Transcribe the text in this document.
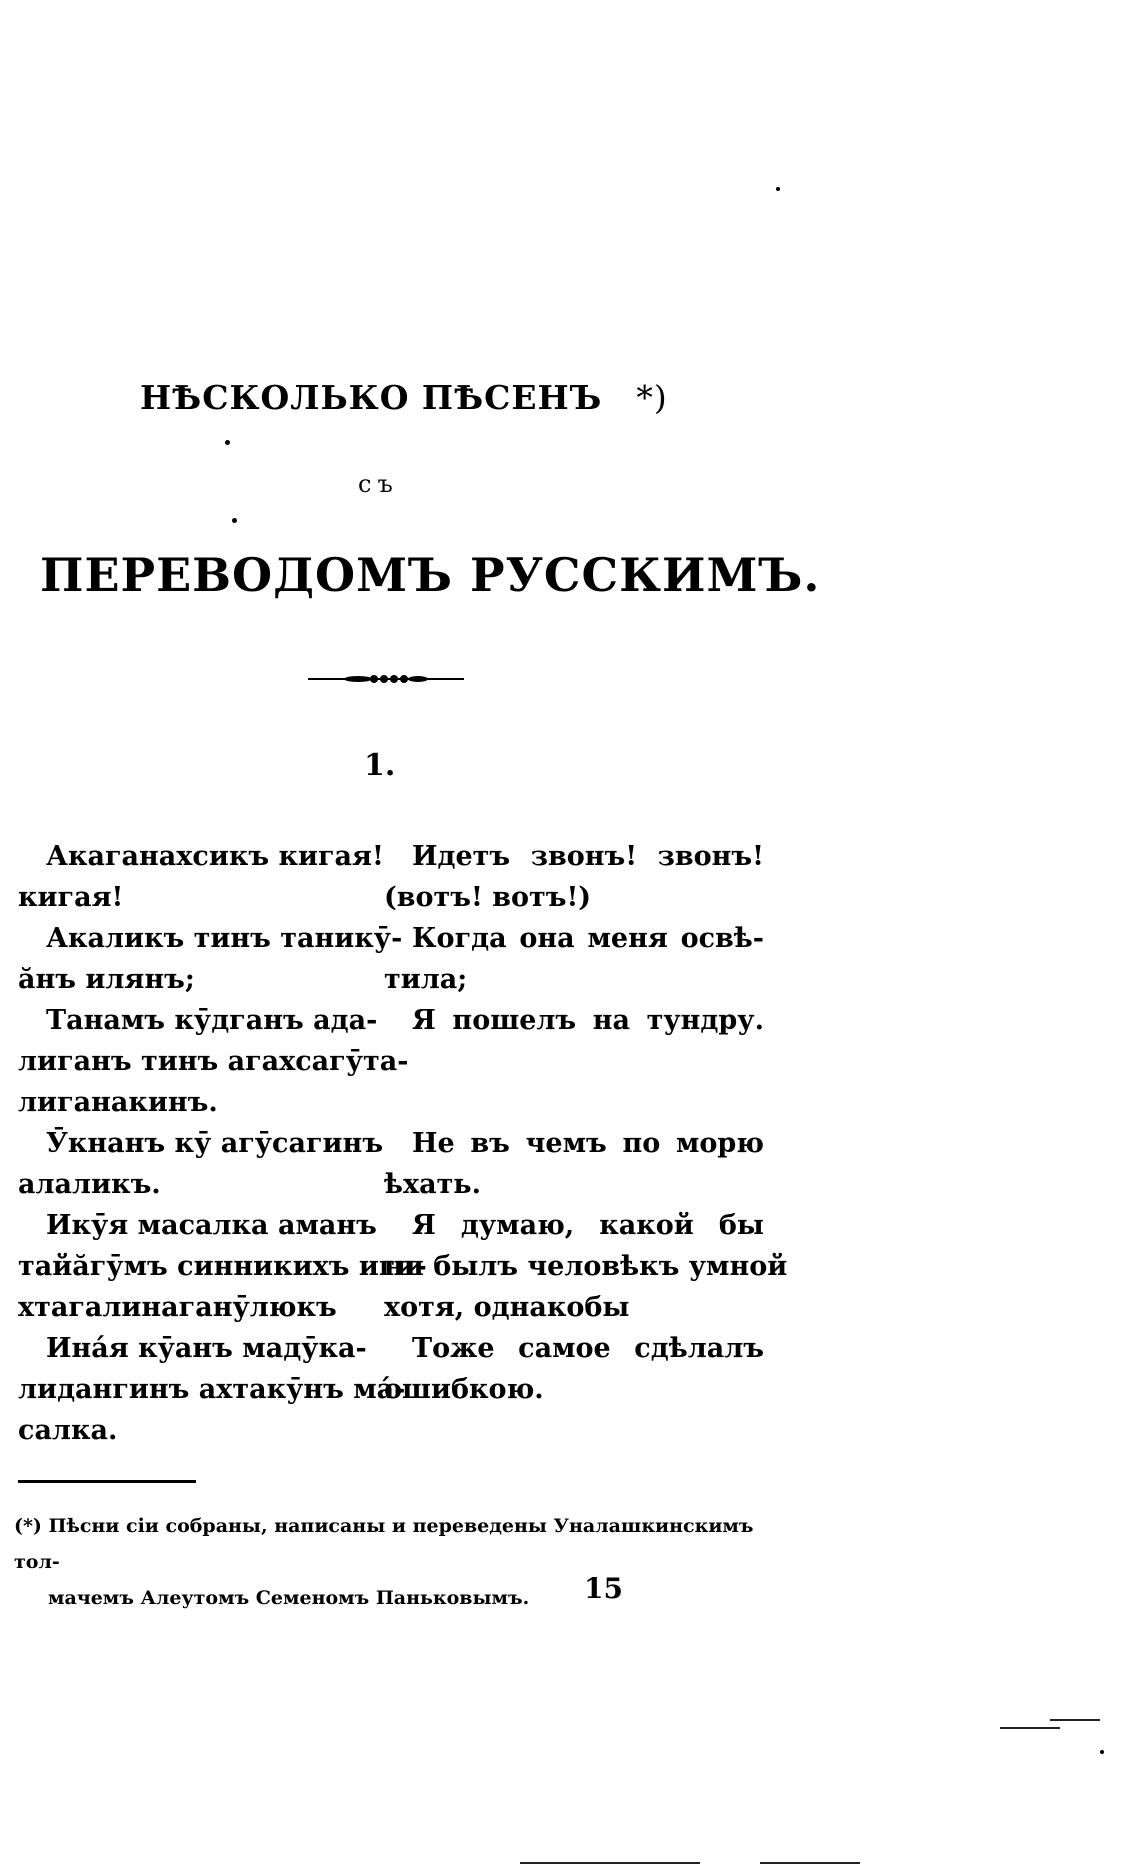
НѢСКОЛЬКО ПѢСЕНЪ *)
съ
ПЕРЕВОДОМЪ РУССКИМЪ.
1.
Акаганахсикъ кигая!
кигая!
Акаликъ тинъ таникӯ-
ӑнъ илянъ;
Танамъ кӯдганъ ада-
лиганъ тинъ агахсагӯта-
лиганакинъ.
Ӯкнанъ кӯ агӯсагинъ
алаликъ.
Икӯя масалка аманъ
тайӑгӯмъ синникихъ иги-
хтагалинаганӯлюкъ
Инáя кӯанъ мадӯка-
лидангинъ ахтакӯнъ мá-
салка.
Идетъ звонъ! звонъ!
(вотъ! вотъ!)
Когда она меня освѣ-
тила;
Я пошелъ на тундру.
Не въ чемъ по морю
ѣхать.
Я думаю, какой бы
ни былъ человѣкъ умной
хотя, однакобы
Тоже самое сдѣлалъ
ошибкою.
(*) Пѣсни сiи собраны, написаны и переведены Уналашкинскимъ тол-
мачемъ Алеутомъ Семеномъ Паньковымъ.	15
